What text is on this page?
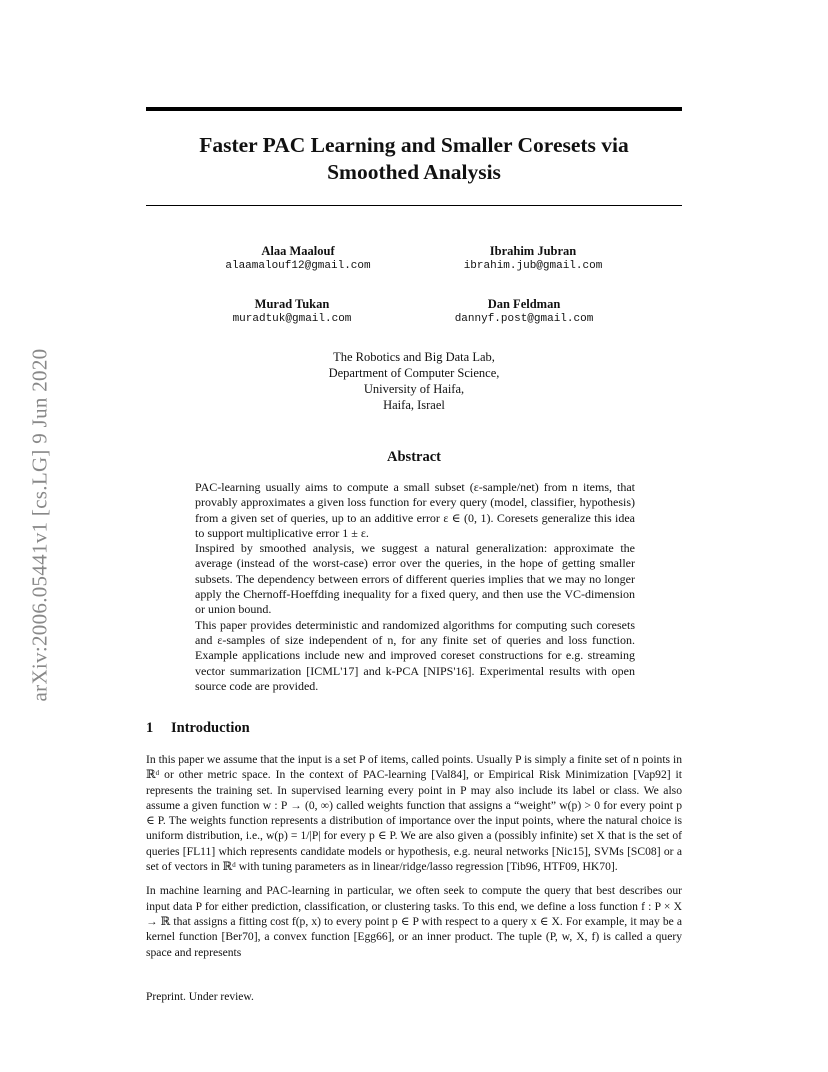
arXiv:2006.05441v1 [cs.LG] 9 Jun 2020
Faster PAC Learning and Smaller Coresets via
Smoothed Analysis
Alaa Maalouf
alaamalouf12@gmail.com
Ibrahim Jubran
ibrahim.jub@gmail.com
Murad Tukan
muradtuk@gmail.com
Dan Feldman
dannyf.post@gmail.com
The Robotics and Big Data Lab,
Department of Computer Science,
University of Haifa,
Haifa, Israel
Abstract

PAC-learning usually aims to compute a small subset (ε-sample/net) from n items, that provably approximates a given loss function for every query (model, classifier, hypothesis) from a given set of queries, up to an additive error ε ∈ (0, 1). Coresets generalize this idea to support multiplicative error 1 ± ε.

Inspired by smoothed analysis, we suggest a natural generalization: approximate the average (instead of the worst-case) error over the queries, in the hope of getting smaller subsets. The dependency between errors of different queries implies that we may no longer apply the Chernoff-Hoeffding inequality for a fixed query, and then use the VC-dimension or union bound.

This paper provides deterministic and randomized algorithms for computing such coresets and ε-samples of size independent of n, for any finite set of queries and loss function. Example applications include new and improved coreset constructions for e.g. streaming vector summarization [ICML'17] and k-PCA [NIPS'16]. Experimental results with open source code are provided.

1 Introduction

In this paper we assume that the input is a set P of items, called points. Usually P is simply a finite set of n points in ℝᵈ or other metric space. In the context of PAC-learning [Val84], or Empirical Risk Minimization [Vap92] it represents the training set. In supervised learning every point in P may also include its label or class. We also assume a given function w : P → (0, ∞) called weights function that assigns a “weight” w(p) > 0 for every point p ∈ P. The weights function represents a distribution of importance over the input points, where the natural choice is uniform distribution, i.e., w(p) = 1/|P| for every p ∈ P. We are also given a (possibly infinite) set X that is the set of queries [FL11] which represents candidate models or hypothesis, e.g. neural networks [Nic15], SVMs [SC08] or a set of vectors in ℝᵈ with tuning parameters as in linear/ridge/lasso regression [Tib96, HTF09, HK70].

In machine learning and PAC-learning in particular, we often seek to compute the query that best describes our input data P for either prediction, classification, or clustering tasks. To this end, we define a loss function f : P × X → ℝ that assigns a fitting cost f(p, x) to every point p ∈ P with respect to a query x ∈ X. For example, it may be a kernel function [Ber70], a convex function [Egg66], or an inner product. The tuple (P, w, X, f) is called a query space and represents

Preprint. Under review.
